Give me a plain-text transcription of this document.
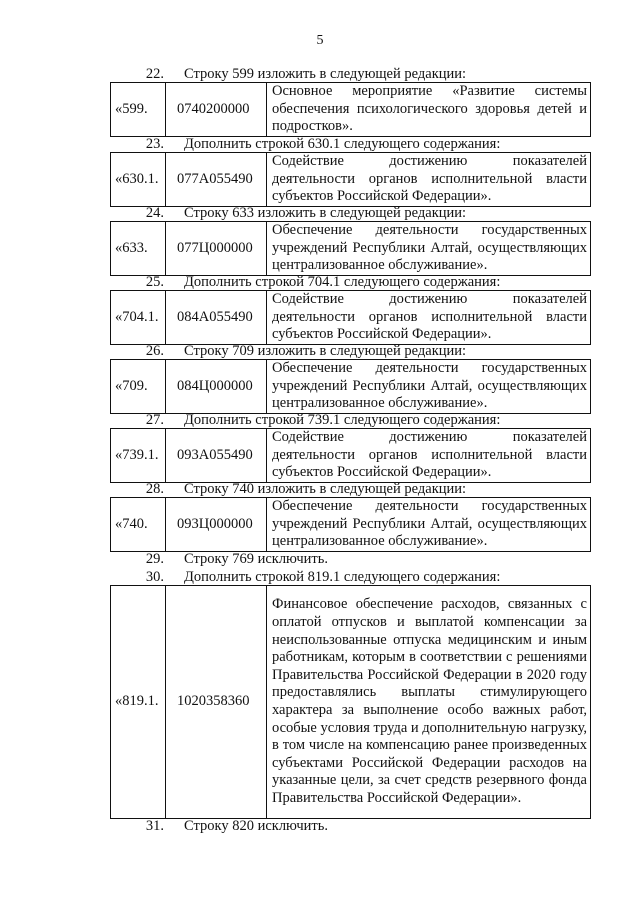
5
22. Строку 599 изложить в следующей редакции:
«599.	0740200000	Основное мероприятие «Развитие системы обеспечения психологического здоровья детей и подростков».
23. Дополнить строкой 630.1 следующего содержания:
«630.1.	077А055490	Содействие достижению показателей деятельности органов исполнительной власти субъектов Российской Федерации».
24. Строку 633 изложить в следующей редакции:
«633.	077Ц000000	Обеспечение деятельности государственных учреждений Республики Алтай, осуществляющих централизованное обслуживание».
25. Дополнить строкой 704.1 следующего содержания:
«704.1.	084А055490	Содействие достижению показателей деятельности органов исполнительной власти субъектов Российской Федерации».
26. Строку 709 изложить в следующей редакции:
«709.	084Ц000000	Обеспечение деятельности государственных учреждений Республики Алтай, осуществляющих централизованное обслуживание».
27. Дополнить строкой 739.1 следующего содержания:
«739.1.	093А055490	Содействие достижению показателей деятельности органов исполнительной власти субъектов Российской Федерации».
28. Строку 740 изложить в следующей редакции:
«740.	093Ц000000	Обеспечение деятельности государственных учреждений Республики Алтай, осуществляющих централизованное обслуживание».
29. Строку 769 исключить.
30. Дополнить строкой 819.1 следующего содержания:
«819.1.	1020358360	Финансовое обеспечение расходов, связанных с оплатой отпусков и выплатой компенсации за неиспользованные отпуска медицинским и иным работникам, которым в соответствии с решениями Правительства Российской Федерации в 2020 году предоставлялись выплаты стимулирующего характера за выполнение особо важных работ, особые условия труда и дополнительную нагрузку, в том числе на компенсацию ранее произведенных субъектами Российской Федерации расходов на указанные цели, за счет средств резервного фонда Правительства Российской Федерации».
31. Строку 820 исключить.
